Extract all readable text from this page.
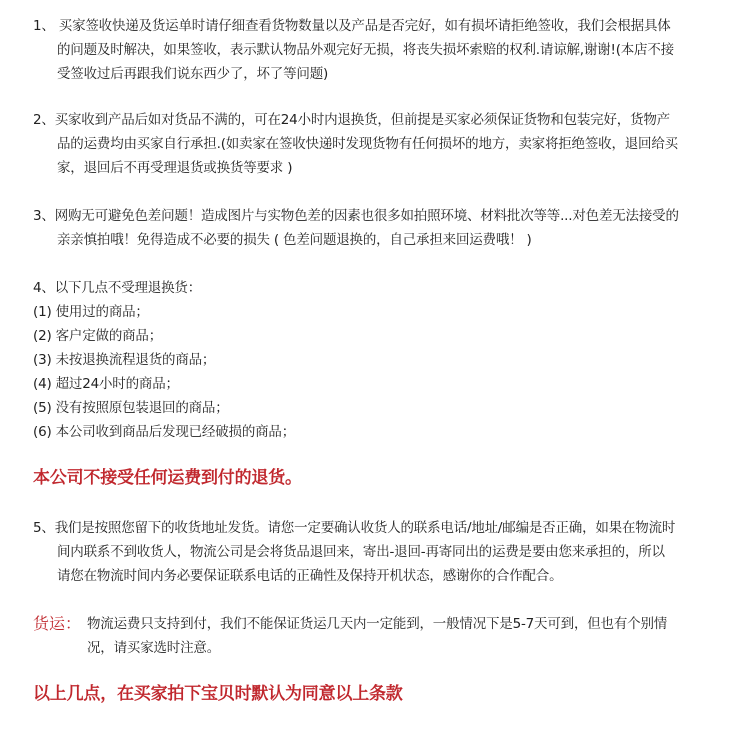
1、 买家签收快递及货运单时请仔细查看货物数量以及产品是否完好，如有损坏请拒绝签收，我们会根据具体
的问题及时解决，如果签收，表示默认物品外观完好无损，将丧失损坏索赔的权利.请谅解,谢谢!(本店不接
受签收过后再跟我们说东西少了，坏了等问题)
2、买家收到产品后如对货品不满的，可在24小时内退换货，但前提是买家必须保证货物和包装完好，货物产
品的运费均由买家自行承担.(如卖家在签收快递时发现货物有任何损坏的地方，卖家将拒绝签收，退回给买
家，退回后不再受理退货或换货等要求 )
3、网购无可避免色差问题！造成图片与实物色差的因素也很多如拍照环境、材料批次等等...对色差无法接受的
亲亲慎拍哦！免得造成不必要的损失 ( 色差问题退换的，自己承担来回运费哦！ )
4、以下几点不受理退换货：
(1) 使用过的商品；
(2) 客户定做的商品；
(3) 未按退换流程退货的商品；
(4) 超过24小时的商品；
(5) 没有按照原包装退回的商品；
(6) 本公司收到商品后发现已经破损的商品；
本公司不接受任何运费到付的退货。
5、我们是按照您留下的收货地址发货。请您一定要确认收货人的联系电话/地址/邮编是否正确，如果在物流时
间内联系不到收货人，物流公司是会将货品退回来，寄出-退回-再寄同出的运费是要由您来承担的，所以
请您在物流时间内务必要保证联系电话的正确性及保持开机状态，感谢你的合作配合。
货运： 物流运费只支持到付，我们不能保证货运几天内一定能到，一般情况下是5-7天可到，但也有个别情
况，请买家选时注意。
以上几点，在买家拍下宝贝时默认为同意以上条款
